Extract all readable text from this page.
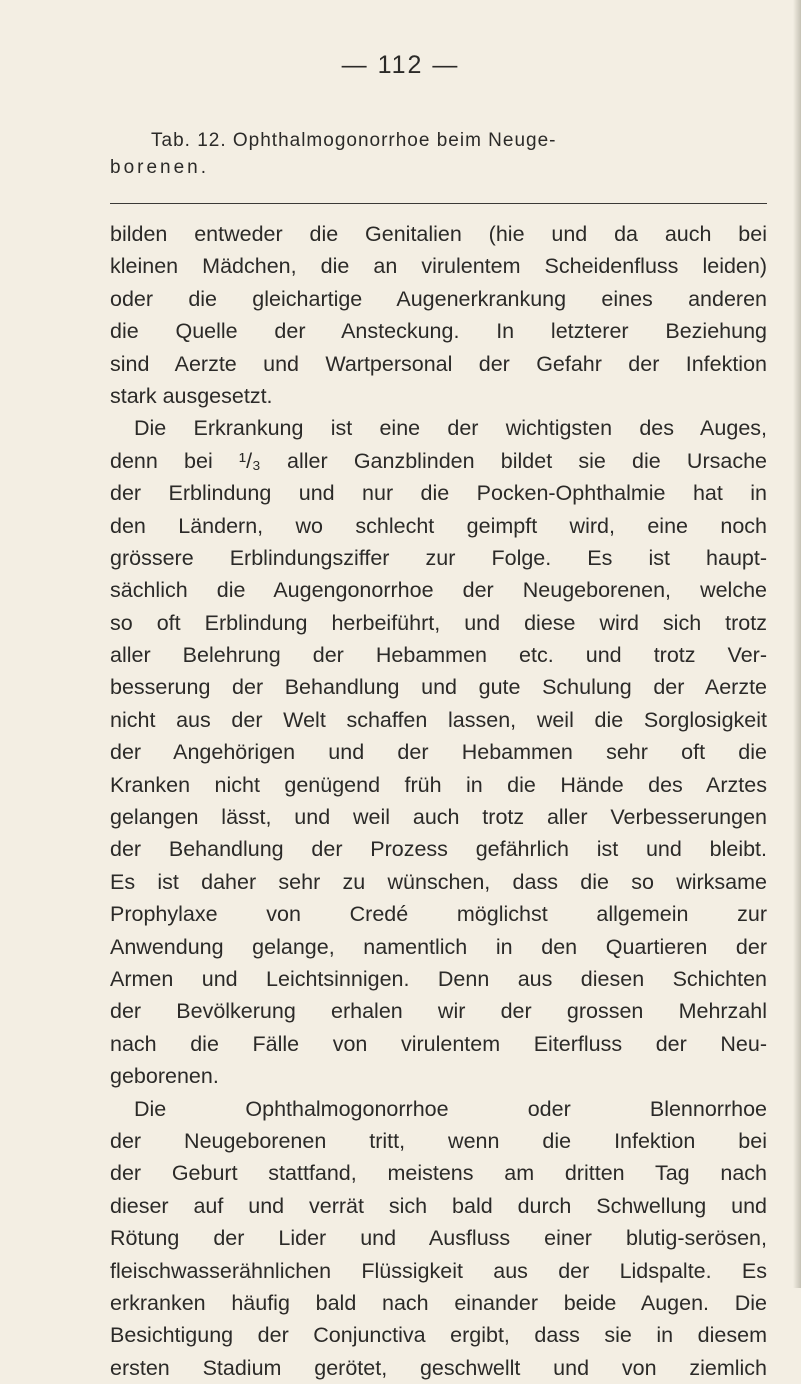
— 112 —
Tab. 12. Ophthalmogonorrhoe beim Neuge-
borenen.
bilden entweder die Genitalien (hie und da auch bei
kleinen Mädchen, die an virulentem Scheidenfluss leiden)
oder die gleichartige Augenerkrankung eines anderen
die Quelle der Ansteckung. In letzterer Beziehung
sind Aerzte und Wartpersonal der Gefahr der Infektion
stark ausgesetzt.
Die Erkrankung ist eine der wichtigsten des Auges,
denn bei ¹/₃ aller Ganzblinden bildet sie die Ursache
der Erblindung und nur die Pocken-Ophthalmie hat in
den Ländern, wo schlecht geimpft wird, eine noch
grössere Erblindungsziffer zur Folge. Es ist haupt-
sächlich die Augengonorrhoe der Neugeborenen, welche
so oft Erblindung herbeiführt, und diese wird sich trotz
aller Belehrung der Hebammen etc. und trotz Ver-
besserung der Behandlung und gute Schulung der Aerzte
nicht aus der Welt schaffen lassen, weil die Sorglosigkeit
der Angehörigen und der Hebammen sehr oft die
Kranken nicht genügend früh in die Hände des Arztes
gelangen lässt, und weil auch trotz aller Verbesserungen
der Behandlung der Prozess gefährlich ist und bleibt.
Es ist daher sehr zu wünschen, dass die so wirksame
Prophylaxe von Credé möglichst allgemein zur
Anwendung gelange, namentlich in den Quartieren der
Armen und Leichtsinnigen. Denn aus diesen Schichten
der Bevölkerung erhalen wir der grossen Mehrzahl
nach die Fälle von virulentem Eiterfluss der Neu-
geborenen.
Die Ophthalmogonorrhoe oder Blennorrhoe
der Neugeborenen tritt, wenn die Infektion bei
der Geburt stattfand, meistens am dritten Tag nach
dieser auf und verrät sich bald durch Schwellung und
Rötung der Lider und Ausfluss einer blutig-serösen,
fleischwasserähnlichen Flüssigkeit aus der Lidspalte. Es
erkranken häufig bald nach einander beide Augen. Die
Besichtigung der Conjunctiva ergibt, dass sie in diesem
ersten Stadium gerötet, geschwellt und von ziemlich
